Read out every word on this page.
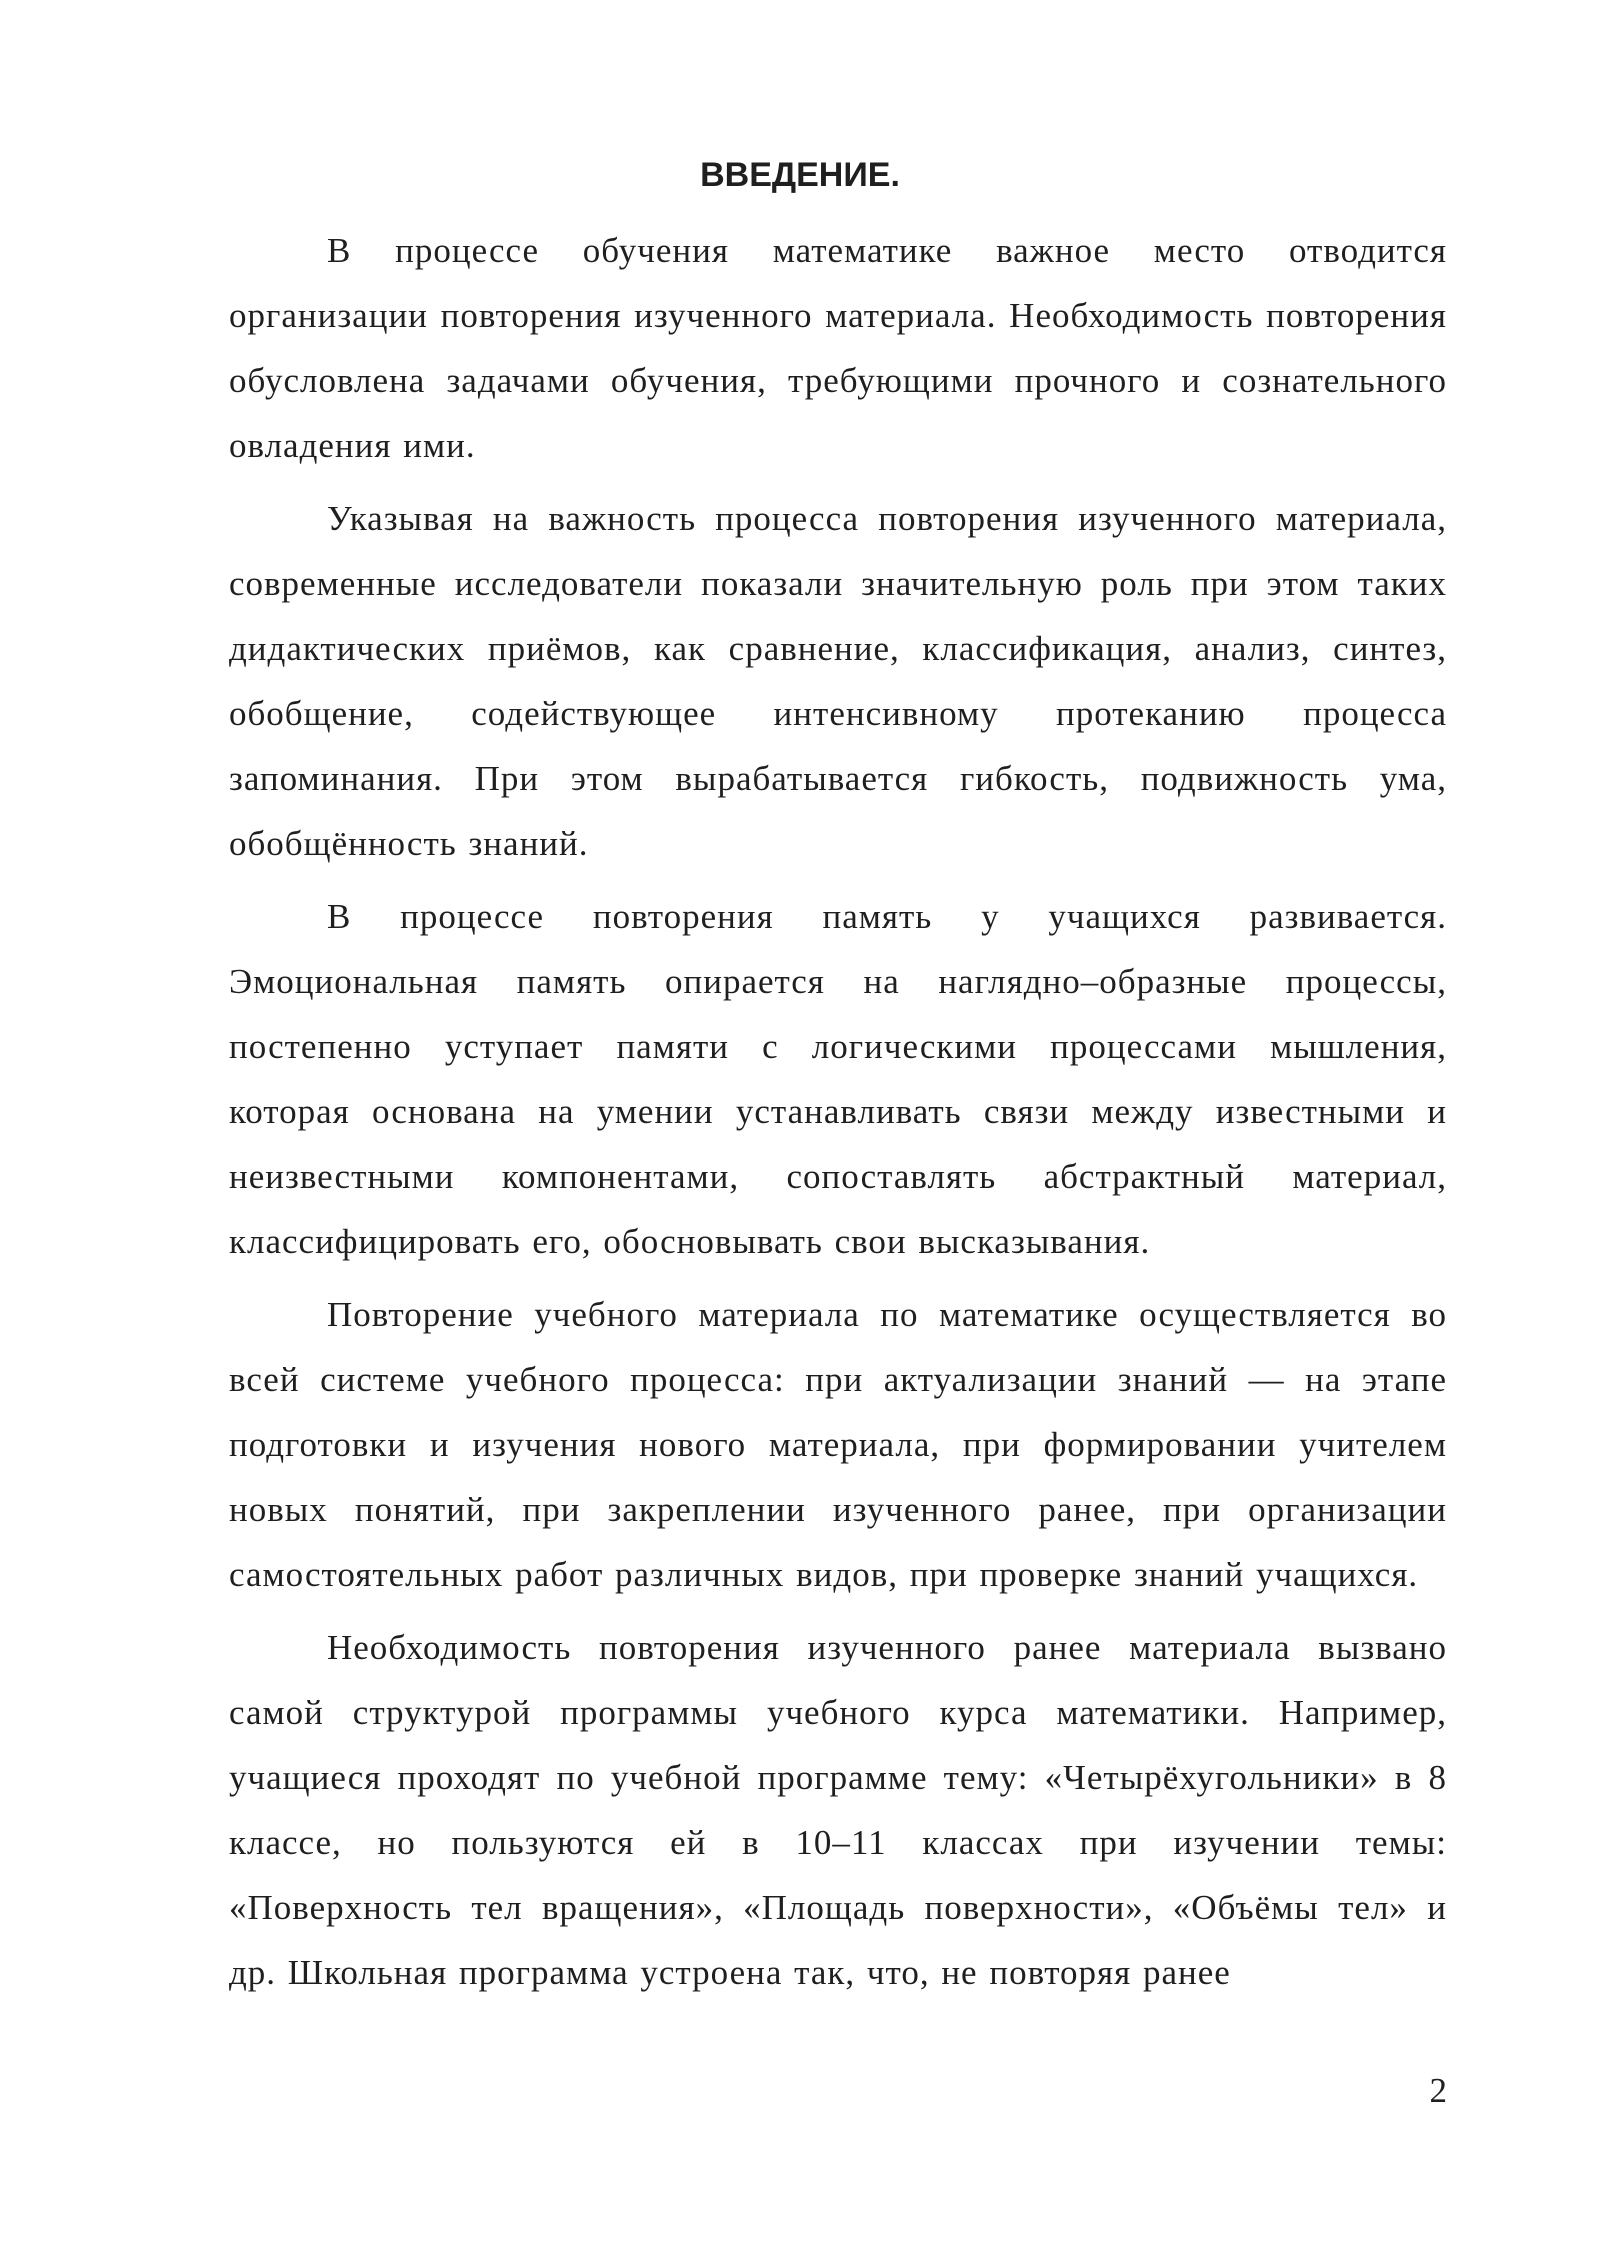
ВВЕДЕНИЕ.

В процессе обучения математике важное место отводится организации повторения изученного материала. Необходимость повторения обусловлена задачами обучения, требующими прочного и сознательного овладения ими.

Указывая на важность процесса повторения изученного материала, современные исследователи показали значительную роль при этом таких дидактических приёмов, как сравнение, классификация, анализ, синтез, обобщение, содействующее интенсивному протеканию процесса запоминания. При этом вырабатывается гибкость, подвижность ума, обобщённость знаний.

В процессе повторения память у учащихся развивается. Эмоциональная память опирается на наглядно–образные процессы, постепенно уступает памяти с логическими процессами мышления, которая основана на умении устанавливать связи между известными и неизвестными компонентами, сопоставлять абстрактный материал, классифицировать его, обосновывать свои высказывания.

Повторение учебного материала по математике осуществляется во всей системе учебного процесса: при актуализации знаний — на этапе подготовки и изучения нового материала, при формировании учителем новых понятий, при закреплении изученного ранее, при организации самостоятельных работ различных видов, при проверке знаний учащихся.

Необходимость повторения изученного ранее материала вызвано самой структурой программы учебного курса математики. Например, учащиеся проходят по учебной программе тему: «Четырёхугольники» в 8 классе, но пользуются ей в 10–11 классах при изучении темы: «Поверхность тел вращения», «Площадь поверхности», «Объёмы тел» и др. Школьная программа устроена так, что, не повторяя ранее

2
